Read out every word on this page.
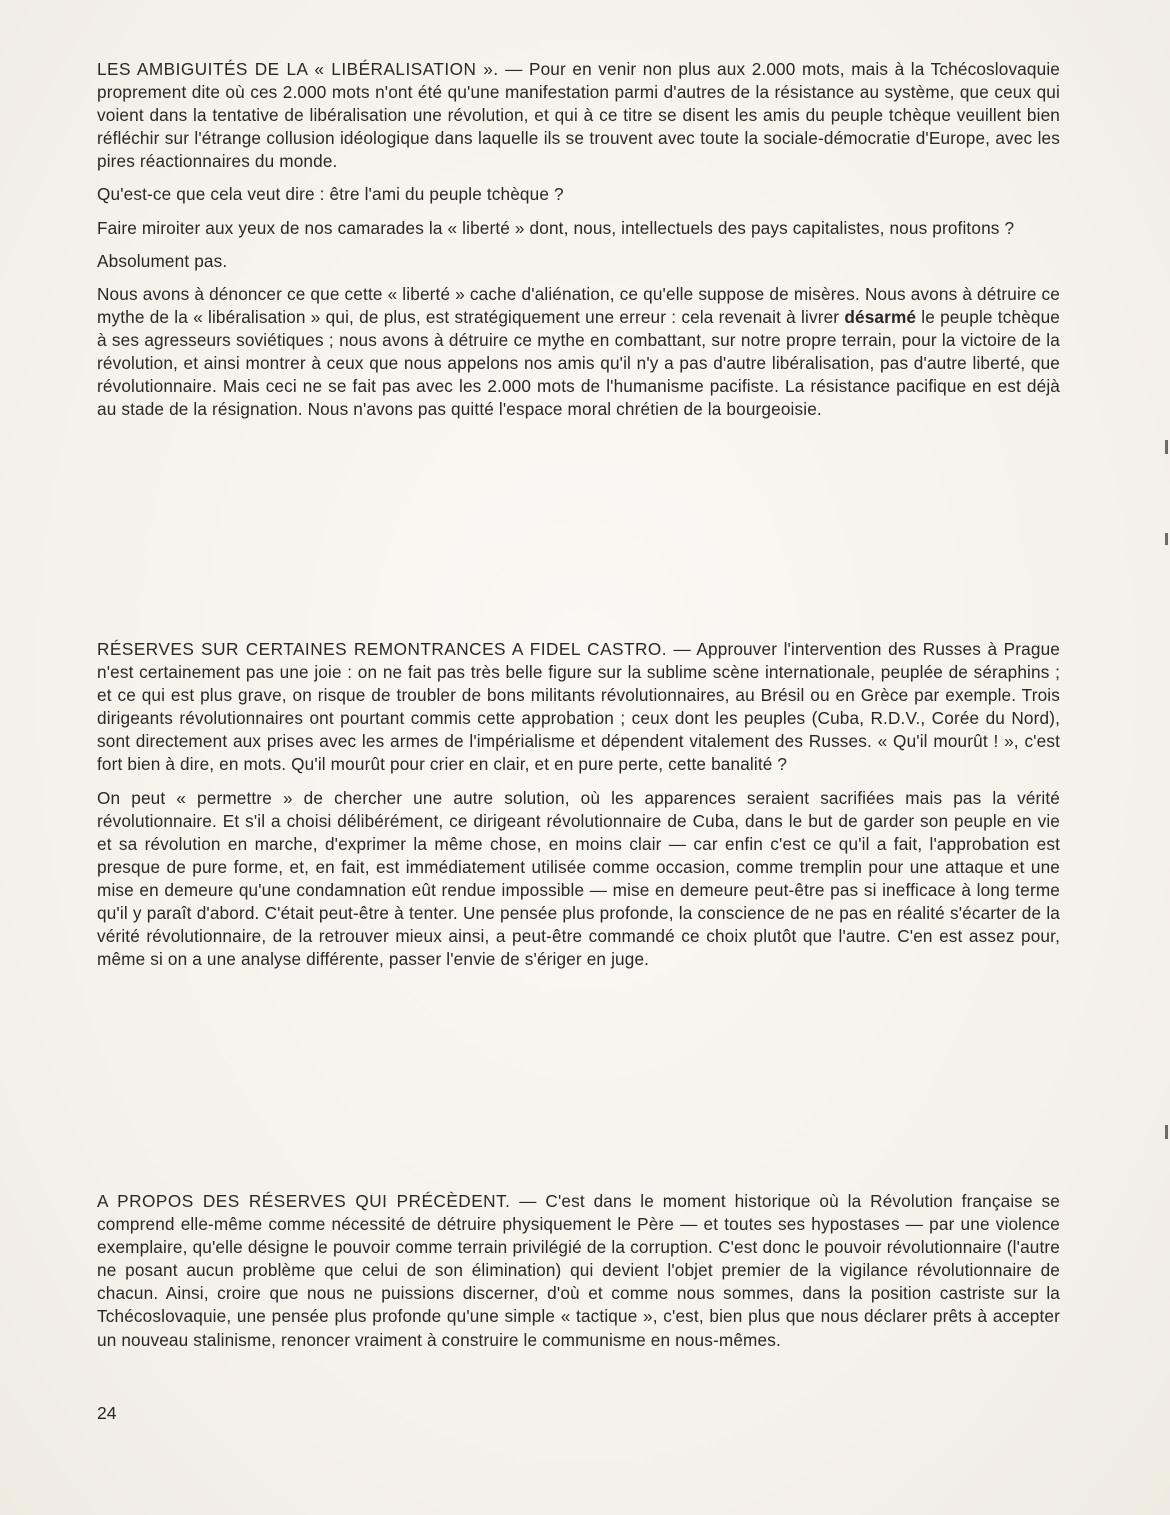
LES AMBIGUITÉS DE LA « LIBÉRALISATION ». — Pour en venir non plus aux 2.000 mots, mais à la Tchécoslovaquie proprement dite où ces 2.000 mots n'ont été qu'une manifestation parmi d'autres de la résistance au système, que ceux qui voient dans la tentative de libéralisation une révolution, et qui à ce titre se disent les amis du peuple tchèque veuillent bien réfléchir sur l'étrange collusion idéologique dans laquelle ils se trouvent avec toute la sociale-démocratie d'Europe, avec les pires réactionnaires du monde.

Qu'est-ce que cela veut dire : être l'ami du peuple tchèque ?

Faire miroiter aux yeux de nos camarades la « liberté » dont, nous, intellectuels des pays capitalistes, nous profitons ?

Absolument pas.

Nous avons à dénoncer ce que cette « liberté » cache d'aliénation, ce qu'elle suppose de misères. Nous avons à détruire ce mythe de la « libéralisation » qui, de plus, est stratégiquement une erreur : cela revenait à livrer désarmé le peuple tchèque à ses agresseurs soviétiques ; nous avons à détruire ce mythe en combattant, sur notre propre terrain, pour la victoire de la révolution, et ainsi montrer à ceux que nous appelons nos amis qu'il n'y a pas d'autre libéralisation, pas d'autre liberté, que révolutionnaire. Mais ceci ne se fait pas avec les 2.000 mots de l'humanisme pacifiste. La résistance pacifique en est déjà au stade de la résignation. Nous n'avons pas quitté l'espace moral chrétien de la bourgeoisie.

RÉSERVES SUR CERTAINES REMONTRANCES A FIDEL CASTRO. — Approuver l'intervention des Russes à Prague n'est certainement pas une joie : on ne fait pas très belle figure sur la sublime scène internationale, peuplée de séraphins ; et ce qui est plus grave, on risque de troubler de bons militants révolutionnaires, au Brésil ou en Grèce par exemple. Trois dirigeants révolutionnaires ont pourtant commis cette approbation ; ceux dont les peuples (Cuba, R.D.V., Corée du Nord), sont directement aux prises avec les armes de l'impérialisme et dépendent vitalement des Russes. « Qu'il mourût ! », c'est fort bien à dire, en mots. Qu'il mourût pour crier en clair, et en pure perte, cette banalité ?

On peut « permettre » de chercher une autre solution, où les apparences seraient sacrifiées mais pas la vérité révolutionnaire. Et s'il a choisi délibérément, ce dirigeant révolutionnaire de Cuba, dans le but de garder son peuple en vie et sa révolution en marche, d'exprimer la même chose, en moins clair — car enfin c'est ce qu'il a fait, l'approbation est presque de pure forme, et, en fait, est immédiatement utilisée comme occasion, comme tremplin pour une attaque et une mise en demeure qu'une condamnation eût rendue impossible — mise en demeure peut-être pas si inefficace à long terme qu'il y paraît d'abord. C'était peut-être à tenter. Une pensée plus profonde, la conscience de ne pas en réalité s'écarter de la vérité révolutionnaire, de la retrouver mieux ainsi, a peut-être commandé ce choix plutôt que l'autre. C'en est assez pour, même si on a une analyse différente, passer l'envie de s'ériger en juge.

A PROPOS DES RÉSERVES QUI PRÉCÈDENT. — C'est dans le moment historique où la Révolution française se comprend elle-même comme nécessité de détruire physiquement le Père — et toutes ses hypostases — par une violence exemplaire, qu'elle désigne le pouvoir comme terrain privilégié de la corruption. C'est donc le pouvoir révolutionnaire (l'autre ne posant aucun problème que celui de son élimination) qui devient l'objet premier de la vigilance révolutionnaire de chacun. Ainsi, croire que nous ne puissions discerner, d'où et comme nous sommes, dans la position castriste sur la Tchécoslovaquie, une pensée plus profonde qu'une simple « tactique », c'est, bien plus que nous déclarer prêts à accepter un nouveau stalinisme, renoncer vraiment à construire le communisme en nous-mêmes.

24
